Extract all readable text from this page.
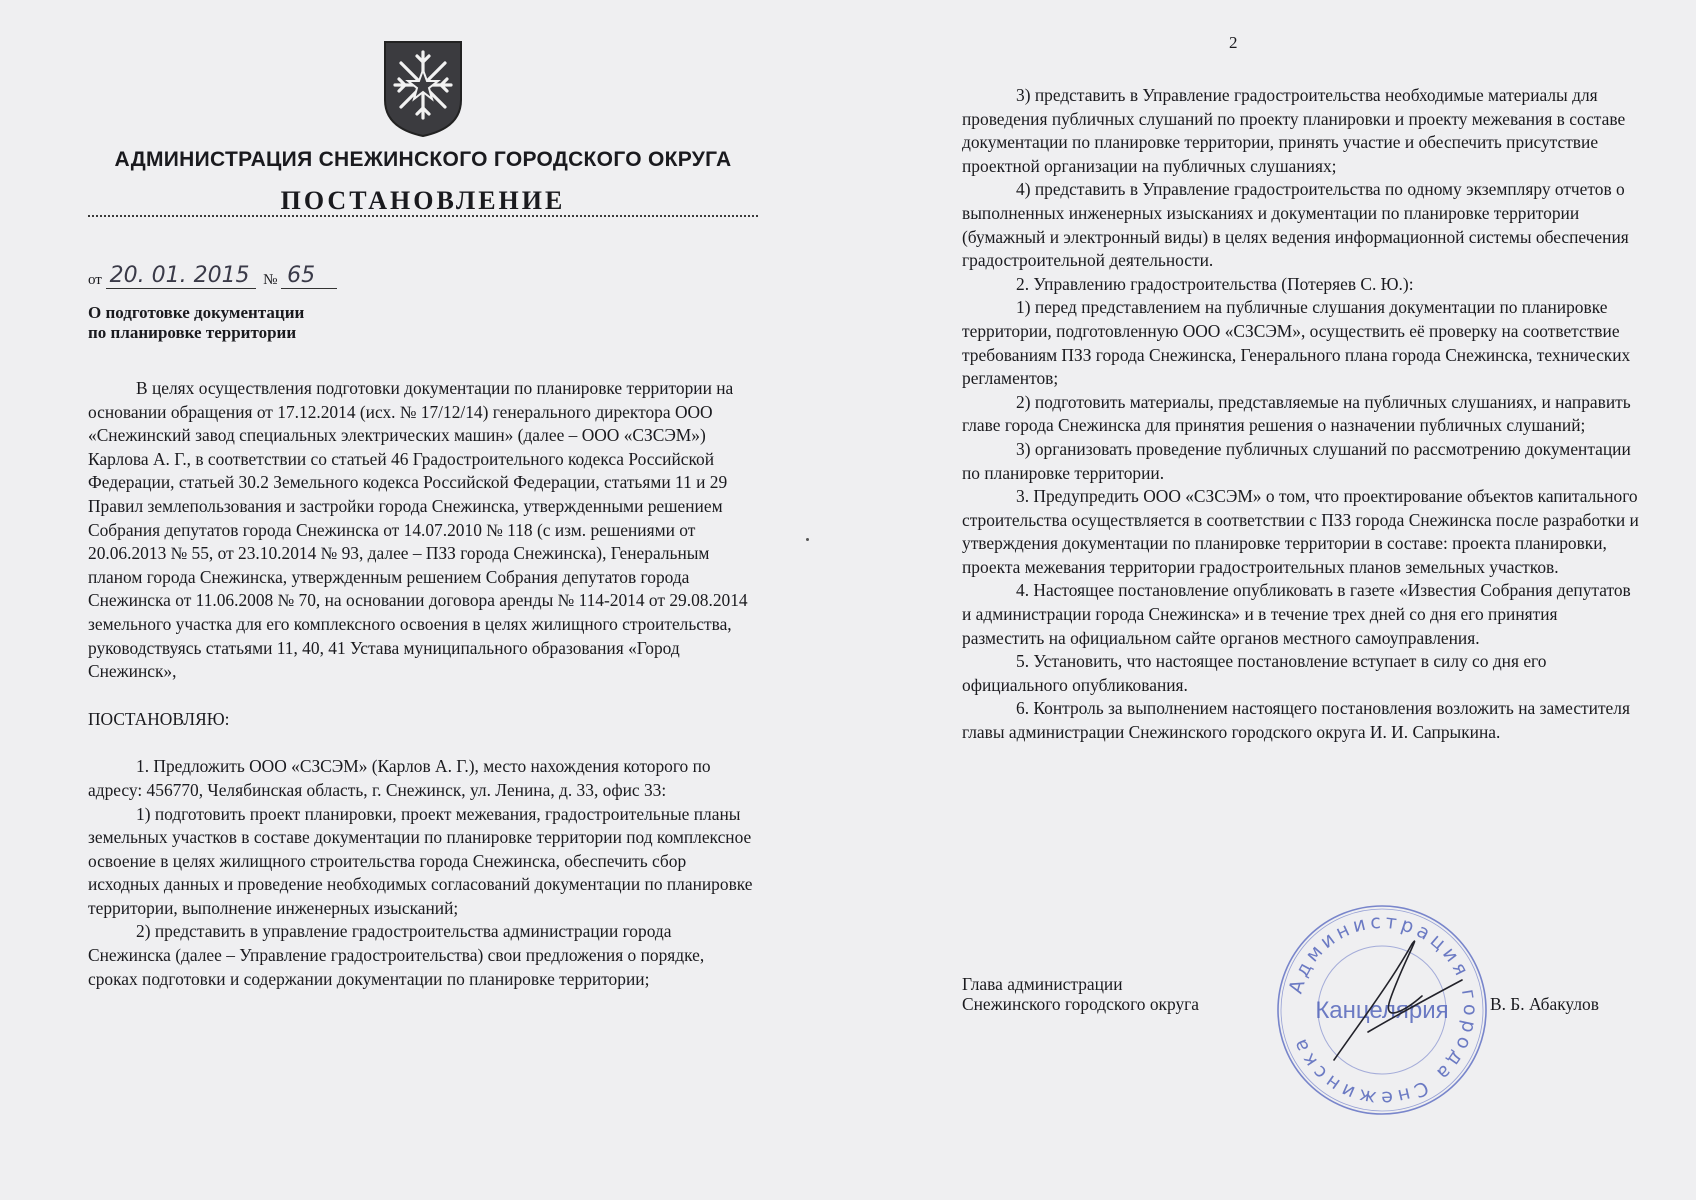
2
АДМИНИСТРАЦИЯ СНЕЖИНСКОГО ГОРОДСКОГО ОКРУГА
ПОСТАНОВЛЕНИЕ
от 20. 01. 2015 № 65
О подготовке документации
по планировке территории

В целях осуществления подготовки документации по планировке территории на основании обращения от 17.12.2014 (исх. № 17/12/14) генерального директора ООО «Снежинский завод специальных электрических машин» (далее – ООО «СЗСЭМ») Карлова А. Г., в соответствии со статьей 46 Градостроительного кодекса Российской Федерации, статьей 30.2 Земельного кодекса Российской Федерации, статьями 11 и 29 Правил землепользования и застройки города Снежинска, утвержденными решением Собрания депутатов города Снежинска от 14.07.2010 № 118 (с изм. решениями от 20.06.2013 № 55, от 23.10.2014 № 93, далее – ПЗЗ города Снежинска), Генеральным планом города Снежинска, утвержденным решением Собрания депутатов города Снежинска от 11.06.2008 № 70, на основании договора аренды № 114-2014 от 29.08.2014 земельного участка для его комплексного освоения в целях жилищного строительства, руководствуясь статьями 11, 40, 41 Устава муниципального образования «Город Снежинск»,

ПОСТАНОВЛЯЮ:

1. Предложить ООО «СЗСЭМ» (Карлов А. Г.), место нахождения которого по адресу: 456770, Челябинская область, г. Снежинск, ул. Ленина, д. 33, офис 33:

1) подготовить проект планировки, проект межевания, градостроительные планы земельных участков в составе документации по планировке территории под комплексное освоение в целях жилищного строительства города Снежинска, обеспечить сбор исходных данных и проведение необходимых согласований документации по планировке территории, выполнение инженерных изысканий;

2) представить в управление градостроительства администрации города Снежинска (далее – Управление градостроительства) свои предложения о порядке, сроках подготовки и содержании документации по планировке территории;

3) представить в Управление градостроительства необходимые материалы для проведения публичных слушаний по проекту планировки и проекту межевания в составе документации по планировке территории, принять участие и обеспечить присутствие проектной организации на публичных слушаниях;

4) представить в Управление градостроительства по одному экземпляру отчетов о выполненных инженерных изысканиях и документации по планировке территории (бумажный и электронный виды) в целях ведения информационной системы обеспечения градостроительной деятельности.

2. Управлению градостроительства (Потеряев С. Ю.):

1) перед представлением на публичные слушания документации по планировке территории, подготовленную ООО «СЗСЭМ», осуществить её проверку на соответствие требованиям ПЗЗ города Снежинска, Генерального плана города Снежинска, технических регламентов;

2) подготовить материалы, представляемые на публичных слушаниях, и направить главе города Снежинска для принятия решения о назначении публичных слушаний;

3) организовать проведение публичных слушаний по рассмотрению документации по планировке территории.

3. Предупредить ООО «СЗСЭМ» о том, что проектирование объектов капитального строительства осуществляется в соответствии с ПЗЗ города Снежинска после разработки и утверждения документации по планировке территории в составе: проекта планировки, проекта межевания территории градостроительных планов земельных участков.

4. Настоящее постановление опубликовать в газете «Известия Собрания депутатов и администрации города Снежинска» и в течение трех дней со дня его принятия разместить на официальном сайте органов местного самоуправления.

5. Установить, что настоящее постановление вступает в силу со дня его официального опубликования.

6. Контроль за выполнением настоящего постановления возложить на заместителя главы администрации Снежинского городского округа И. И. Сапрыкина.

Глава администрации
Снежинского городского округа	В. Б. Абакулов
Администрация города Снежинска
Канцелярия
